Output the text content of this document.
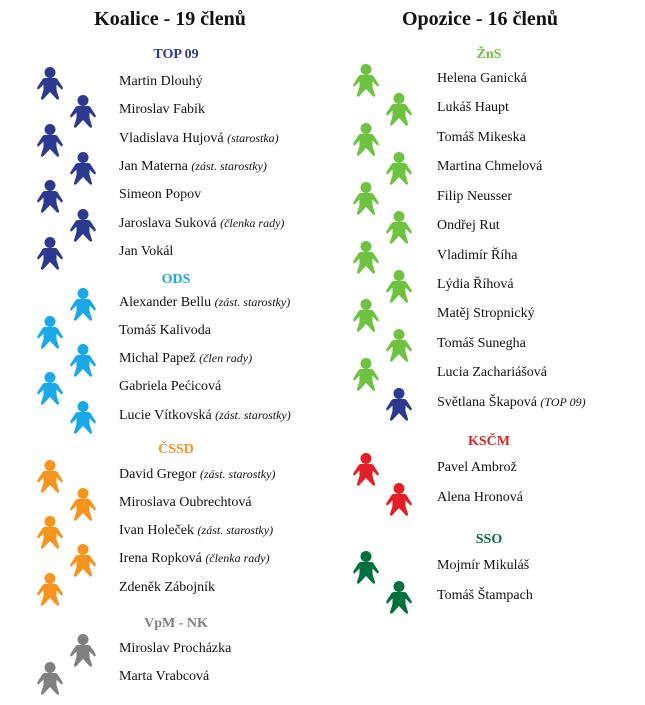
Koalice - 19 členů
TOP 09
Martin Dlouhý
Miroslav Fabík
Vladislava Hujová (starostka)
Jan Materna (zást. starostky)
Simeon Popov
Jaroslava Suková (členka rady)
Jan Vokál
ODS
Alexander Bellu (zást. starostky)
Tomáš Kalivoda
Michal Papež (člen rady)
Gabriela Pećicová
Lucie Vítkovská (zást. starostky)
ČSSD
David Gregor (zást. starostky)
Miroslava Oubrechtová
Ivan Holeček (zást. starostky)
Irena Ropková (členka rady)
Zdeněk Zábojník
VpM - NK
Miroslav Procházka
Marta Vrabcová
Opozice - 16 členů
ŽnS
Helena Ganická
Lukáš Haupt
Tomáš Mikeska
Martina Chmelová
Filip Neusser
Ondřej Rut
Vladimír Říha
Lýdia Říhová
Matěj Stropnický
Tomáš Sunegha
Lucia Zachariášová
Světlana Škapová (TOP 09)
KSČM
Pavel Ambrož
Alena Hronová
SSO
Mojmír Mikuláš
Tomáš Štampach
